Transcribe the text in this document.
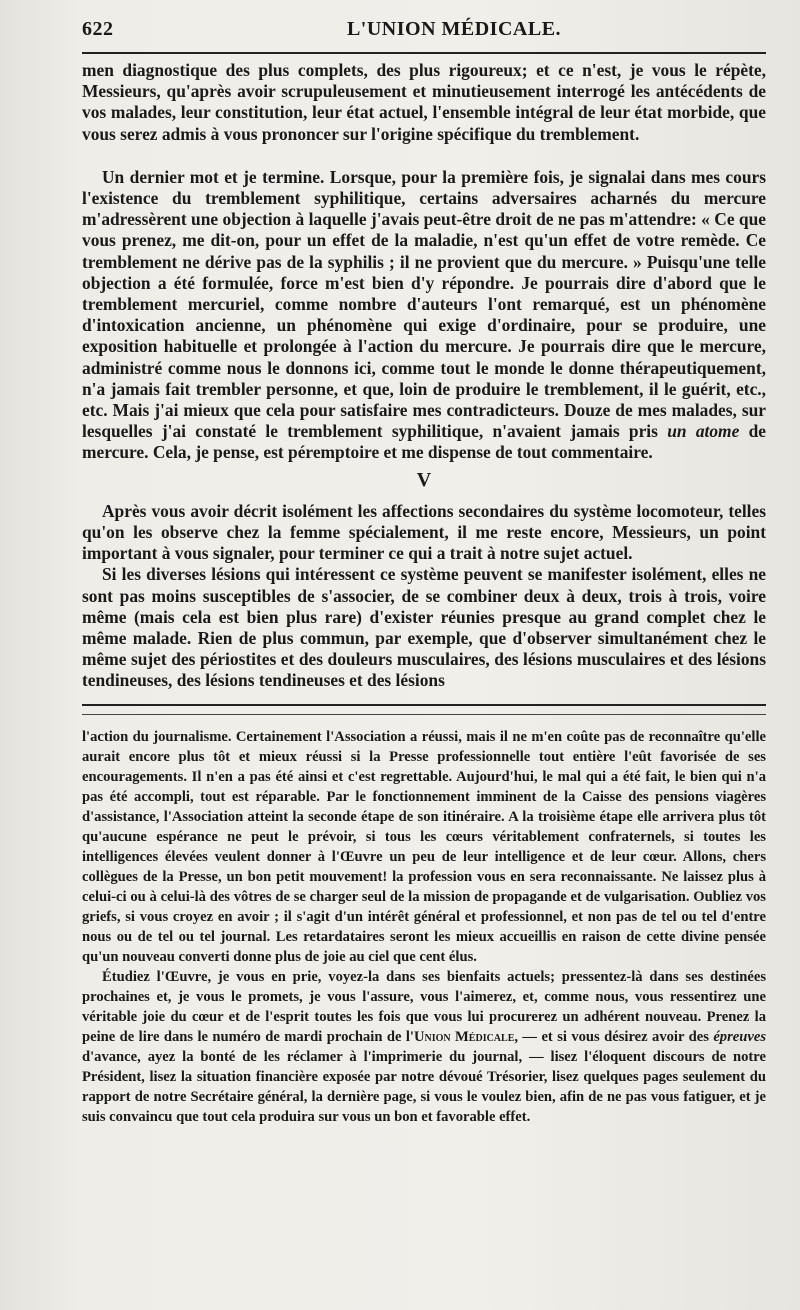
622	L'UNION MÉDICALE.

men diagnostique des plus complets, des plus rigoureux; et ce n'est, je vous le répète, Messieurs, qu'après avoir scrupuleusement et minutieusement interrogé les antécédents de vos malades, leur constitution, leur état actuel, l'ensemble intégral de leur état morbide, que vous serez admis à vous prononcer sur l'origine spécifique du tremblement.

Un dernier mot et je termine. Lorsque, pour la première fois, je signalai dans mes cours l'existence du tremblement syphilitique, certains adversaires acharnés du mercure m'adressèrent une objection à laquelle j'avais peut-être droit de ne pas m'attendre: « Ce que vous prenez, me dit-on, pour un effet de la maladie, n'est qu'un effet de votre remède. Ce tremblement ne dérive pas de la syphilis ; il ne provient que du mercure. » Puisqu'une telle objection a été formulée, force m'est bien d'y répondre. Je pourrais dire d'abord que le tremblement mercuriel, comme nombre d'auteurs l'ont remarqué, est un phénomène d'intoxication ancienne, un phénomène qui exige d'ordinaire, pour se produire, une exposition habituelle et prolongée à l'action du mercure. Je pourrais dire que le mercure, administré comme nous le donnons ici, comme tout le monde le donne thérapeutiquement, n'a jamais fait trembler personne, et que, loin de produire le tremblement, il le guérit, etc., etc. Mais j'ai mieux que cela pour satisfaire mes contradicteurs. Douze de mes malades, sur lesquelles j'ai constaté le tremblement syphilitique, n'avaient jamais pris un atome de mercure. Cela, je pense, est péremptoire et me dispense de tout commentaire.

V

Après vous avoir décrit isolément les affections secondaires du système locomoteur, telles qu'on les observe chez la femme spécialement, il me reste encore, Messieurs, un point important à vous signaler, pour terminer ce qui a trait à notre sujet actuel.

Si les diverses lésions qui intéressent ce système peuvent se manifester isolément, elles ne sont pas moins susceptibles de s'associer, de se combiner deux à deux, trois à trois, voire même (mais cela est bien plus rare) d'exister réunies presque au grand complet chez le même malade. Rien de plus commun, par exemple, que d'observer simultanément chez le même sujet des périostites et des douleurs musculaires, des lésions musculaires et des lésions tendineuses, des lésions tendineuses et des lésions

l'action du journalisme. Certainement l'Association a réussi, mais il ne m'en coûte pas de reconnaître qu'elle aurait encore plus tôt et mieux réussi si la Presse professionnelle tout entière l'eût favorisée de ses encouragements. Il n'en a pas été ainsi et c'est regrettable. Aujourd'hui, le mal qui a été fait, le bien qui n'a pas été accompli, tout est réparable. Par le fonctionnement imminent de la Caisse des pensions viagères d'assistance, l'Association atteint la seconde étape de son itinéraire. A la troisième étape elle arrivera plus tôt qu'aucune espérance ne peut le prévoir, si tous les cœurs véritablement confraternels, si toutes les intelligences élevées veulent donner à l'Œuvre un peu de leur intelligence et de leur cœur. Allons, chers collègues de la Presse, un bon petit mouvement! la profession vous en sera reconnaissante. Ne laissez plus à celui-ci ou à celui-là des vôtres de se charger seul de la mission de propagande et de vulgarisation. Oubliez vos griefs, si vous croyez en avoir ; il s'agit d'un intérêt général et professionnel, et non pas de tel ou tel d'entre nous ou de tel ou tel journal. Les retardataires seront les mieux accueillis en raison de cette divine pensée qu'un nouveau converti donne plus de joie au ciel que cent élus.

Étudiez l'Œuvre, je vous en prie, voyez-la dans ses bienfaits actuels; pressentez-là dans ses destinées prochaines et, je vous le promets, je vous l'assure, vous l'aimerez, et, comme nous, vous ressentirez une véritable joie du cœur et de l'esprit toutes les fois que vous lui procurerez un adhérent nouveau. Prenez la peine de lire dans le numéro de mardi prochain de l'Union Médicale, — et si vous désirez avoir des épreuves d'avance, ayez la bonté de les réclamer à l'imprimerie du journal, — lisez l'éloquent discours de notre Président, lisez la situation financière exposée par notre dévoué Trésorier, lisez quelques pages seulement du rapport de notre Secrétaire général, la dernière page, si vous le voulez bien, afin de ne pas vous fatiguer, et je suis convaincu que tout cela produira sur vous un bon et favorable effet.
